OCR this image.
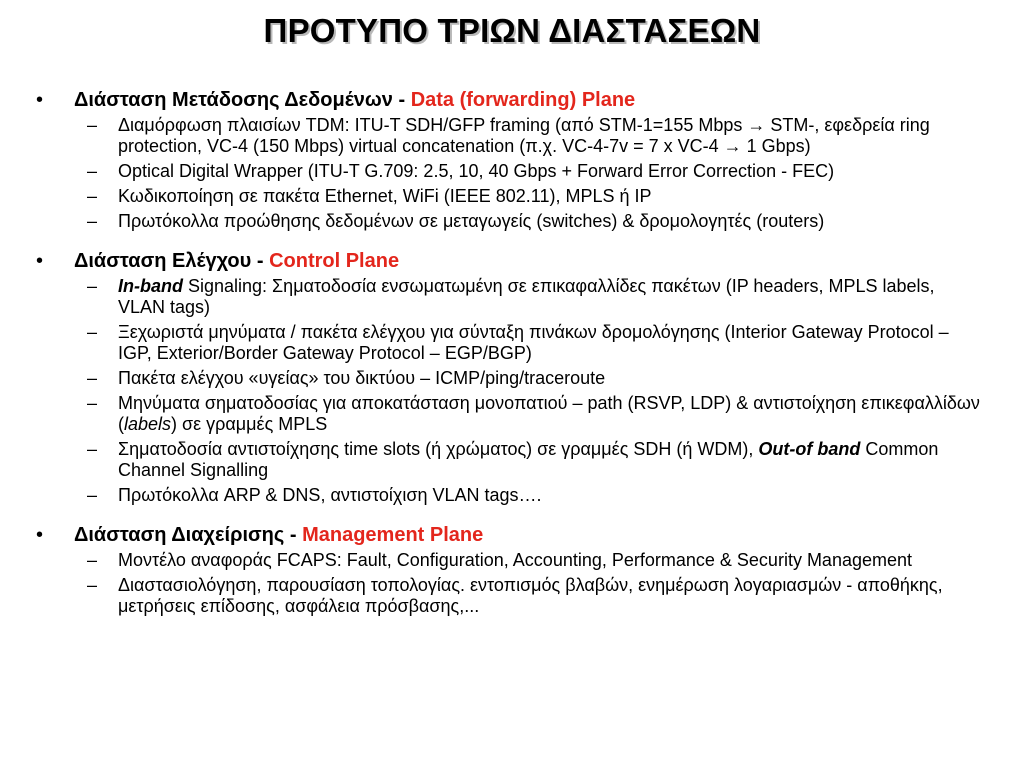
ΠΡΟΤΥΠΟ ΤΡΙΩΝ ΔΙΑΣΤΑΣΕΩΝ
• Διάσταση Μετάδοσης Δεδομένων - Data (forwarding) Plane
– Διαμόρφωση πλαισίων TDM: ITU-T SDH/GFP framing (από STM-1=155 Mbps → STM-, εφεδρεία ring protection, VC-4 (150 Mbps) virtual concatenation (π.χ. VC-4-7v = 7 x VC-4 → 1 Gbps)
– Optical Digital Wrapper (ITU-T G.709: 2.5, 10, 40 Gbps + Forward Error Correction - FEC)
– Κωδικοποίηση σε πακέτα Ethernet, WiFi (IEEE 802.11), MPLS ή IP
– Πρωτόκολλα προώθησης δεδομένων σε μεταγωγείς (switches) & δρομολογητές (routers)
• Διάσταση Ελέγχου - Control Plane
– In-band Signaling: Σηματοδοσία ενσωματωμένη σε επικαφαλλίδες πακέτων (IP headers, MPLS labels, VLAN tags)
– Ξεχωριστά μηνύματα / πακέτα ελέγχου για σύνταξη πινάκων δρομολόγησης (Interior Gateway Protocol – IGP, Exterior/Border Gateway Protocol – EGP/BGP)
– Πακέτα ελέγχου «υγείας» του δικτύου – ICMP/ping/traceroute
– Μηνύματα σηματοδοσίας για αποκατάσταση μονοπατιού – path (RSVP, LDP) & αντιστοίχηση επικεφαλλίδων (labels) σε γραμμές MPLS
– Σηματοδοσία αντιστοίχησης time slots (ή χρώματος) σε γραμμές SDH (ή WDM), Out-of band Common Channel Signalling
– Πρωτόκολλα ARP & DNS, αντιστοίχιση VLAN tags….
• Διάσταση Διαχείρισης - Management Plane
– Μοντέλο αναφοράς FCAPS: Fault, Configuration, Accounting, Performance & Security Management
– Διαστασιολόγηση, παρουσίαση τοπολογίας. εντοπισμός βλαβών, ενημέρωση λογαριασμών - αποθήκης, μετρήσεις επίδοσης, ασφάλεια πρόσβασης,...
